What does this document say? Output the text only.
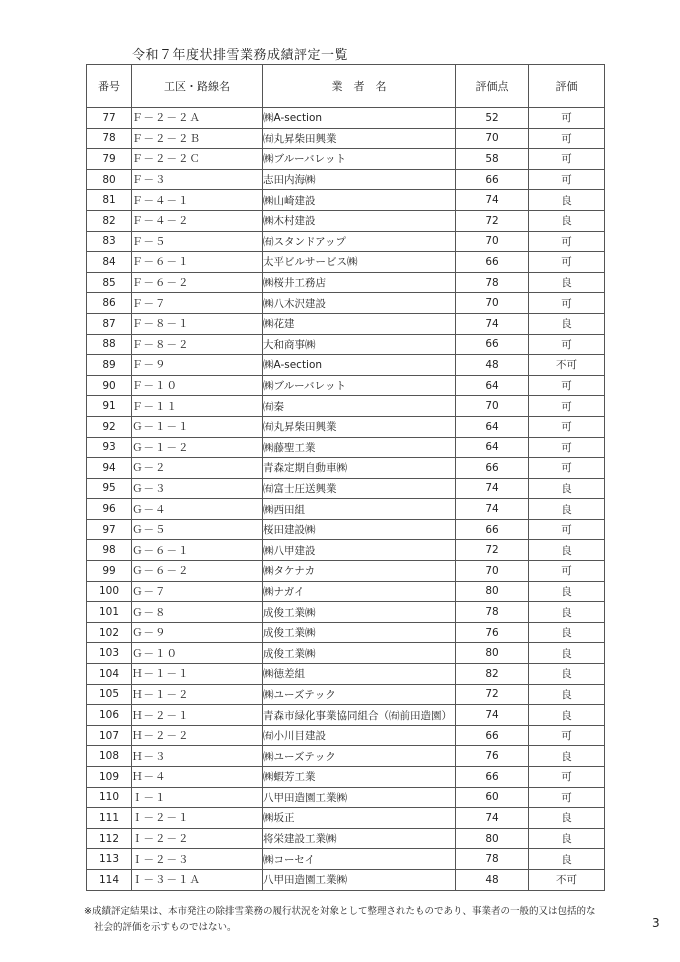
令和７年度状排雪業務成績評定一覧
番号	工区・路線名	業　者　名	評価点	評価
77	Ｆ－２－２Ａ	㈱A-section	52	可
78	Ｆ－２－２Ｂ	㈲丸昇柴田興業	70	可
79	Ｆ－２－２Ｃ	㈱ブルーバレット	58	可
80	Ｆ－３	志田内海㈱	66	可
81	Ｆ－４－１	㈱山崎建設	74	良
82	Ｆ－４－２	㈱木村建設	72	良
83	Ｆ－５	㈲スタンドアップ	70	可
84	Ｆ－６－１	太平ビルサービス㈱	66	可
85	Ｆ－６－２	㈱桜井工務店	78	良
86	Ｆ－７	㈱八木沢建設	70	可
87	Ｆ－８－１	㈱花建	74	良
88	Ｆ－８－２	大和商事㈱	66	可
89	Ｆ－９	㈱A-section	48	不可
90	Ｆ－１０	㈱ブルーバレット	64	可
91	Ｆ－１１	㈲秦	70	可
92	Ｇ－１－１	㈲丸昇柴田興業	64	可
93	Ｇ－１－２	㈱藤聖工業	64	可
94	Ｇ－２	青森定期自動車㈱	66	可
95	Ｇ－３	㈲富士圧送興業	74	良
96	Ｇ－４	㈱西田組	74	良
97	Ｇ－５	桜田建設㈱	66	可
98	Ｇ－６－１	㈱八甲建設	72	良
99	Ｇ－６－２	㈱タケナカ	70	可
100	Ｇ－７	㈱ナガイ	80	良
101	Ｇ－８	成俊工業㈱	78	良
102	Ｇ－９	成俊工業㈱	76	良
103	Ｇ－１０	成俊工業㈱	80	良
104	Ｈ－１－１	㈱徳差組	82	良
105	Ｈ－１－２	㈱ユーズテック	72	良
106	Ｈ－２－１	青森市緑化事業協同組合（㈲前田造園）	74	良
107	Ｈ－２－２	㈲小川目建設	66	可
108	Ｈ－３	㈱ユーズテック	76	良
109	Ｈ－４	㈱蝦芳工業	66	可
110	Ｉ－１	八甲田造園工業㈱	60	可
111	Ｉ－２－１	㈱坂正	74	良
112	Ｉ－２－２	将栄建設工業㈱	80	良
113	Ｉ－２－３	㈱コーセイ	78	良
114	Ｉ－３－１Ａ	八甲田造園工業㈱	48	不可
※成績評定結果は、本市発注の除排雪業務の履行状況を対象として整理されたものであり、事業者の一般的又は包括的な
社会的評価を示すものではない。	3
